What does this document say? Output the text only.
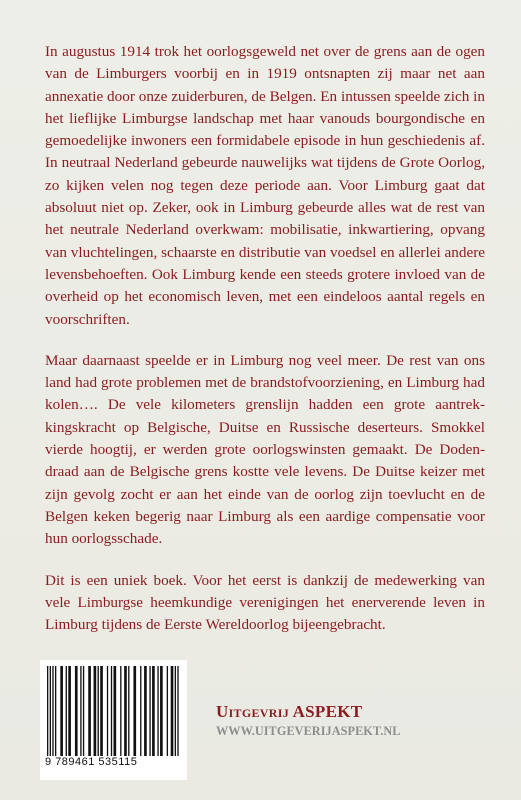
In augustus 1914 trok het oorlogsgeweld net over de grens aan de ogen van de Limburgers voorbij en in 1919 ontsnapten zij maar net aan annexatie door onze zuiderburen, de Belgen. En intussen speelde zich in het lieflijke Limburgse landschap met haar vanouds bourgondische en gemoedelijke inwoners een formidabele episode in hun geschiedenis af. In neutraal Nederland gebeurde nauwelijks wat tijdens de Grote Oorlog, zo kijken velen nog tegen deze periode aan. Voor Limburg gaat dat absoluut niet op. Zeker, ook in Limburg gebeurde alles wat de rest van het neutrale Nederland overkwam: mobilisatie, inkwartiering, opvang van vluchtelingen, schaarste en distributie van voedsel en allerlei andere levensbehoeften. Ook Limburg kende een steeds grotere invloed van de overheid op het economisch leven, met een eindeloos aantal regels en voorschriften.

Maar daarnaast speelde er in Limburg nog veel meer. De rest van ons land had grote problemen met de brandstofvoorziening, en Limburg had kolen…. De vele kilometers grenslijn hadden een grote aantrekkingskracht op Belgische, Duitse en Russische deserteurs. Smokkel vierde hoogtij, er werden grote oorlogswinsten gemaakt. De Dodendraad aan de Belgische grens kostte vele levens. De Duitse keizer met zijn gevolg zocht er aan het einde van de oorlog zijn toevlucht en de Belgen keken begerig naar Limburg als een aardige compensatie voor hun oorlogsschade.

Dit is een uniek boek. Voor het eerst is dankzij de medewerking van vele Limburgse heemkundige verenigingen het enerverende leven in Limburg tijdens de Eerste Wereldoorlog bijeengebracht.

9 789461 535115
Uitgevrij ASPEKT
WWW.UITGEVERIJASPEKT.NL
